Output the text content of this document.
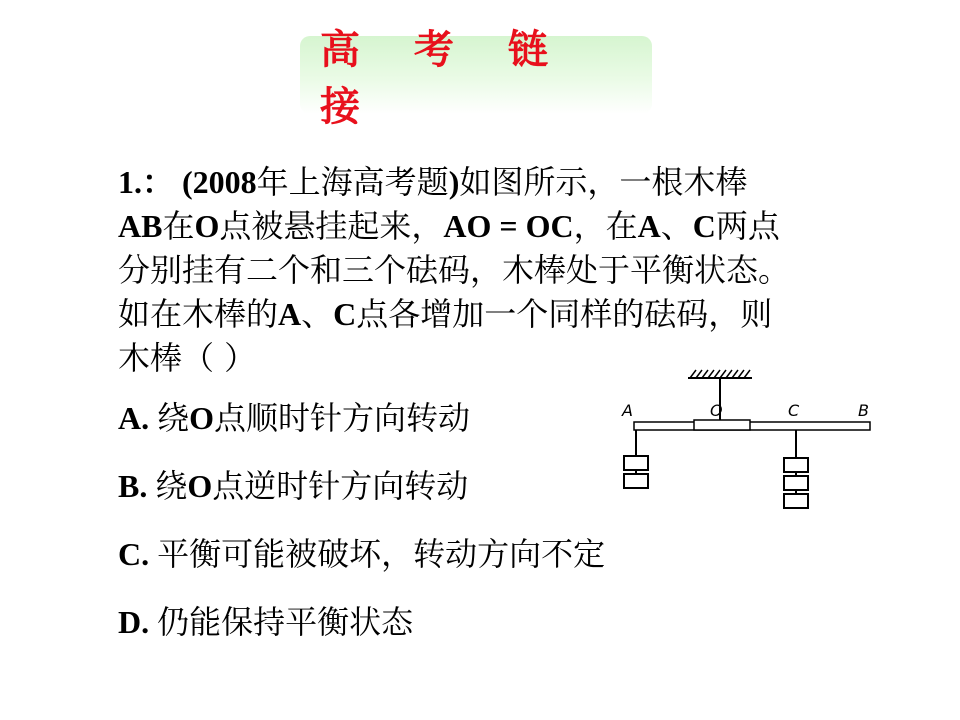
高 考 链 接
1.： (2008年上海高考题)如图所示，一根木棒
AB在O点被悬挂起来，AO = OC，在A、C两点
分别挂有二个和三个砝码，木棒处于平衡状态。
如在木棒的A、C点各增加一个同样的砝码，则
木棒（ ）
A. 绕O点顺时针方向转动
B. 绕O点逆时针方向转动
C. 平衡可能被破坏，转动方向不定
D. 仍能保持平衡状态
A	O	C	B
